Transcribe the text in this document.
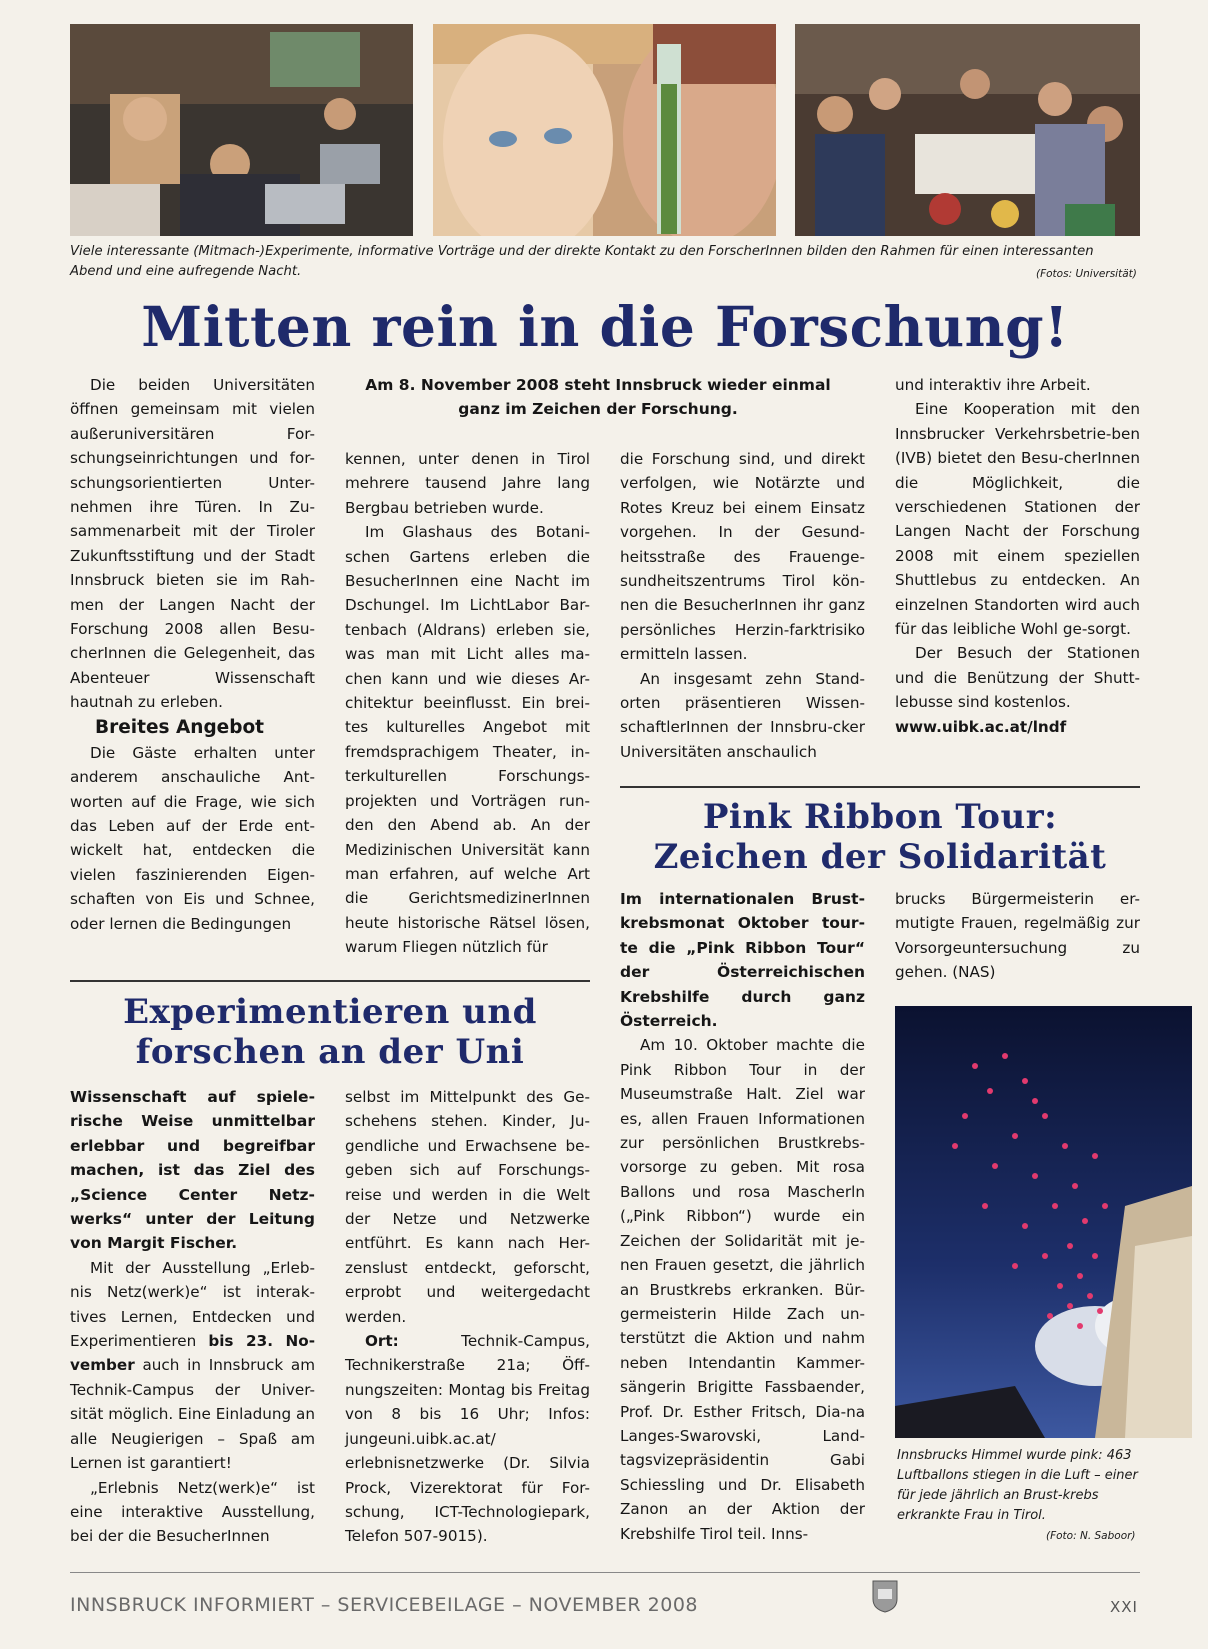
Viele interessante (Mitmach-)Experimente, informative Vorträge und der direkte Kontakt zu den ForscherInnen bilden den Rahmen für einen interessanten Abend und eine aufregende Nacht.	(Fotos: Universität)
Mitten rein in die Forschung!
Am 8. November 2008 steht Innsbruck wieder einmal ganz im Zeichen der Forschung.

Die beiden Universitäten öffnen gemeinsam mit vielen außeruniversitären For-schungseinrichtungen und for-schungsorientierten Unter-nehmen ihre Türen. In Zu-sammenarbeit mit der Tiroler Zukunftsstiftung und der Stadt Innsbruck bieten sie im Rah-men der Langen Nacht der Forschung 2008 allen Besu-cherInnen die Gelegenheit, das Abenteuer Wissenschaft hautnah zu erleben.

Breites Angebot

Die Gäste erhalten unter anderem anschauliche Ant-worten auf die Frage, wie sich das Leben auf der Erde ent-wickelt hat, entdecken die vielen faszinierenden Eigen-schaften von Eis und Schnee, oder lernen die Bedingungen

kennen, unter denen in Tirol mehrere tausend Jahre lang Bergbau betrieben wurde.

Im Glashaus des Botani-schen Gartens erleben die BesucherInnen eine Nacht im Dschungel. Im LichtLabor Bar-tenbach (Aldrans) erleben sie, was man mit Licht alles ma-chen kann und wie dieses Ar-chitektur beeinflusst. Ein brei-tes kulturelles Angebot mit fremdsprachigem Theater, in-terkulturellen Forschungs-projekten und Vorträgen run-den den Abend ab. An der Medizinischen Universität kann man erfahren, auf welche Art die GerichtsmedizinerInnen heute historische Rätsel lösen, warum Fliegen nützlich für

die Forschung sind, und direkt verfolgen, wie Notärzte und Rotes Kreuz bei einem Einsatz vorgehen. In der Gesund-heitsstraße des Frauenge-sundheitszentrums Tirol kön-nen die BesucherInnen ihr ganz persönliches Herzin-farktrisiko ermitteln lassen.

An insgesamt zehn Stand-orten präsentieren Wissen-schaftlerInnen der Innsbru-cker Universitäten anschaulich

und interaktiv ihre Arbeit.

Eine Kooperation mit den Innsbrucker Verkehrsbetrie-ben (IVB) bietet den Besu-cherInnen die Möglichkeit, die verschiedenen Stationen der Langen Nacht der Forschung 2008 mit einem speziellen Shuttlebus zu entdecken. An einzelnen Standorten wird auch für das leibliche Wohl ge-sorgt.

Der Besuch der Stationen und die Benützung der Shutt-lebusse sind kostenlos.

www.uibk.ac.at/lndf

Experimentieren und
forschen an der Uni

Wissenschaft auf spiele-rische Weise unmittelbar erlebbar und begreifbar machen, ist das Ziel des „Science Center Netz-werks“ unter der Leitung von Margit Fischer.

Mit der Ausstellung „Erleb-nis Netz(werk)e“ ist interak-tives Lernen, Entdecken und Experimentieren bis 23. No-vember auch in Innsbruck am Technik-Campus der Univer-sität möglich. Eine Einladung an alle Neugierigen – Spaß am Lernen ist garantiert!

„Erlebnis Netz(werk)e“ ist eine interaktive Ausstellung, bei der die BesucherInnen

selbst im Mittelpunkt des Ge-schehens stehen. Kinder, Ju-gendliche und Erwachsene be-geben sich auf Forschungs-reise und werden in die Welt der Netze und Netzwerke entführt. Es kann nach Her-zenslust entdeckt, geforscht, erprobt und weitergedacht werden.

Ort: Technik-Campus, Technikerstraße 21a; Öff-nungszeiten: Montag bis Freitag von 8 bis 16 Uhr; Infos: jungeuni.uibk.ac.at/ erlebnisnetzwerke (Dr. Silvia Prock, Vizerektorat für For-schung, ICT-Technologiepark, Telefon 507-9015).

Pink Ribbon Tour:
Zeichen der Solidarität

Im internationalen Brust-krebsmonat Oktober tour-te die „Pink Ribbon Tour“ der Österreichischen Krebshilfe durch ganz Österreich.

Am 10. Oktober machte die Pink Ribbon Tour in der Museumstraße Halt. Ziel war es, allen Frauen Informationen zur persönlichen Brustkrebs-vorsorge zu geben. Mit rosa Ballons und rosa Mascherln („Pink Ribbon“) wurde ein Zeichen der Solidarität mit je-nen Frauen gesetzt, die jährlich an Brustkrebs erkranken. Bür-germeisterin Hilde Zach un-terstützt die Aktion und nahm neben Intendantin Kammer-sängerin Brigitte Fassbaender, Prof. Dr. Esther Fritsch, Dia-na Langes-Swarovski, Land-tagsvizepräsidentin Gabi Schiessling und Dr. Elisabeth Zanon an der Aktion der Krebshilfe Tirol teil. Inns-

brucks Bürgermeisterin er-mutigte Frauen, regelmäßig zur Vorsorgeuntersuchung zu gehen. (NAS)

Innsbrucks Himmel wurde pink: 463 Luftballons stiegen in die Luft – einer für jede jährlich an Brust-krebs erkrankte Frau in Tirol.
(Foto: N. Saboor)
INNSBRUCK INFORMIERT – SERVICEBEILAGE – NOVEMBER 2008	XXI
